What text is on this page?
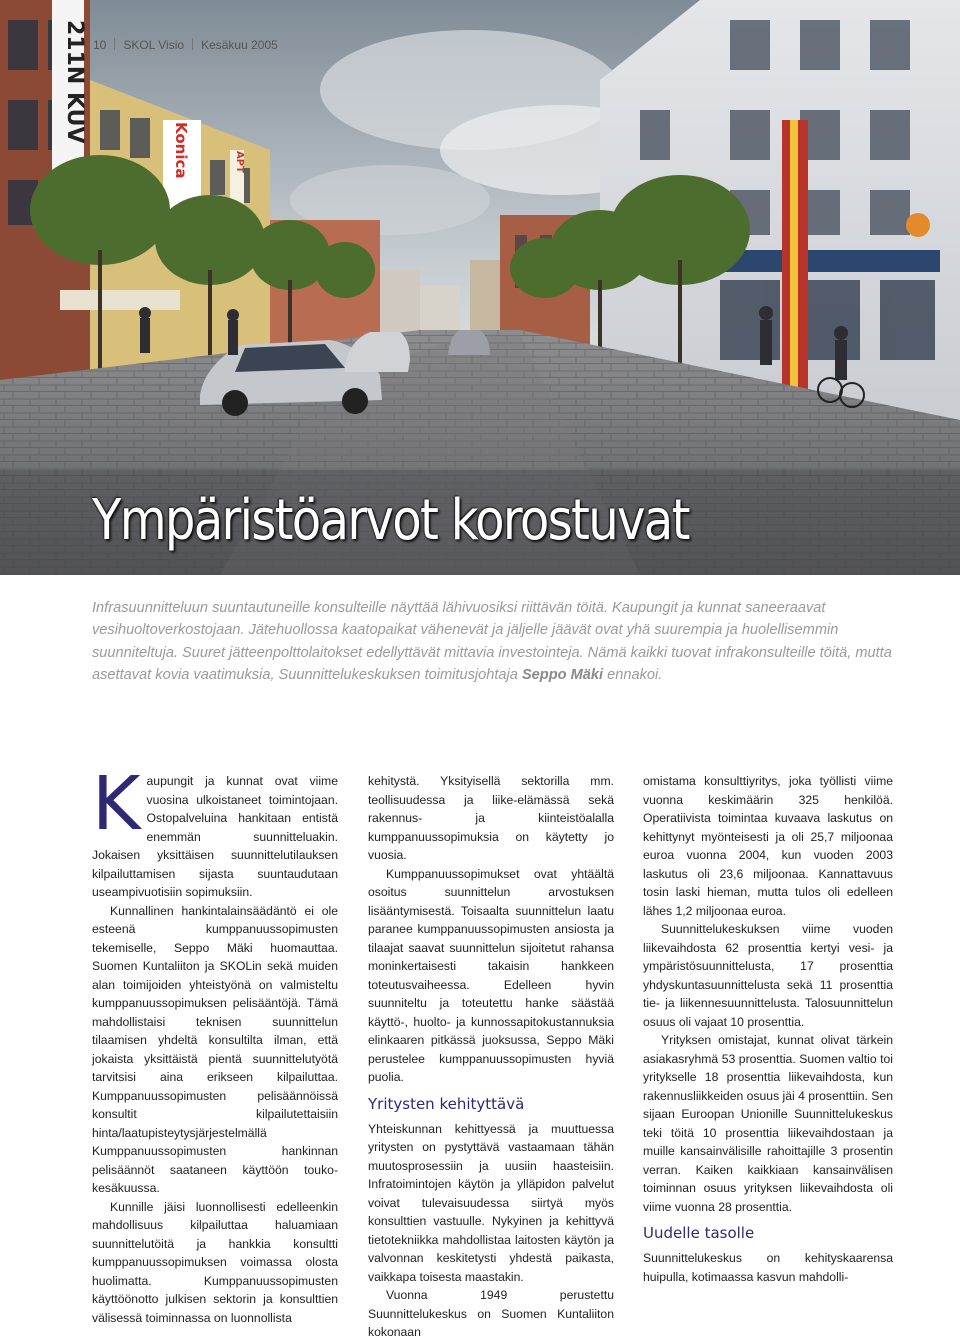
211N KUV
Konica	APT
10 SKOL Visio Kesäkuu 2005
Ympäristöarvot korostuvat

Infrasuunnitteluun suuntautuneille konsulteille näyttää lähivuosiksi riittävän töitä. Kaupungit ja kunnat saneeraavat vesihuoltoverkostojaan. Jätehuollossa kaatopaikat vähenevät ja jäljelle jäävät ovat yhä suurempia ja huolellisemmin suunniteltuja. Suuret jätteenpolttolaitokset edellyttävät mittavia investointeja. Nämä kaikki tuovat infrakonsulteille töitä, mutta asettavat kovia vaatimuksia, Suunnittelukeskuksen toimitusjohtaja Seppo Mäki ennakoi.

K aupungit ja kunnat ovat viime vuosina ulkoistaneet toimintojaan. Ostopalveluina hankitaan entistä enemmän suunnitteluakin. Jokaisen yksittäisen suunnittelutilauksen kilpailuttamisen sijasta suuntaudutaan useampivuotisiin sopimuksiin.

Kunnallinen hankintalainsäädäntö ei ole esteenä kumppanuussopimusten tekemiselle, Seppo Mäki huomauttaa. Suomen Kuntaliiton ja SKOLin sekä muiden alan toimijoiden yhteistyönä on valmisteltu kumppanuussopimuksen pelisääntöjä. Tämä mahdollistaisi teknisen suunnittelun tilaamisen yhdeltä konsultilta ilman, että jokaista yksittäistä pientä suunnittelutyötä tarvitsisi aina erikseen kilpailuttaa. Kumppanuussopimusten pelisäännöissä konsultit kilpailutettaisiin hinta/laatupisteytysjärjestelmällä Kumppanuussopimusten hankinnan pelisäännöt saataneen käyttöön touko-kesäkuussa.

Kunnille jäisi luonnollisesti edelleenkin mahdollisuus kilpailuttaa haluamiaan suunnittelutöitä ja hankkia konsultti kumppanuussopimuksen voimassa olosta huolimatta. Kumppanuussopimusten käyttöönotto julkisen sektorin ja konsulttien välisessä toiminnassa on luonnollista

kehitystä. Yksityisellä sektorilla mm. teollisuudessa ja liike-elämässä sekä rakennus- ja kiinteistöalalla kumppanuussopimuksia on käytetty jo vuosia.

Kumppanuussopimukset ovat yhtäältä osoitus suunnittelun arvostuksen lisääntymisestä. Toisaalta suunnittelun laatu paranee kumppanuussopimusten ansiosta ja tilaajat saavat suunnittelun sijoitetut rahansa moninkertaisesti takaisin hankkeen toteutusvaiheessa. Edelleen hyvin suunniteltu ja toteutettu hanke säästää käyttö-, huolto- ja kunnossapitokustannuksia elinkaaren pitkässä juoksussa, Seppo Mäki perustelee kumppanuussopimusten hyviä puolia.

Yritysten kehityttävä

Yhteiskunnan kehittyessä ja muuttuessa yritysten on pystyttävä vastaamaan tähän muutosprosessiin ja uusiin haasteisiin. Infratoimintojen käytön ja ylläpidon palvelut voivat tulevaisuudessa siirtyä myös konsulttien vastuulle. Nykyinen ja kehittyvä tietotekniikka mahdollistaa laitosten käytön ja valvonnan keskitetysti yhdestä paikasta, vaikkapa toisesta maastakin.

Vuonna 1949 perustettu Suunnittelukeskus on Suomen Kuntaliiton kokonaan

omistama konsulttiyritys, joka työllisti viime vuonna keskimäärin 325 henkilöä. Operatiivista toimintaa kuvaava laskutus on kehittynyt myönteisesti ja oli 25,7 miljoonaa euroa vuonna 2004, kun vuoden 2003 laskutus oli 23,6 miljoonaa. Kannattavuus tosin laski hieman, mutta tulos oli edelleen lähes 1,2 miljoonaa euroa.

Suunnittelukeskuksen viime vuoden liikevaihdosta 62 prosenttia kertyi vesi- ja ympäristösuunnittelusta, 17 prosenttia yhdyskuntasuunnittelusta sekä 11 prosenttia tie- ja liikennesuunnittelusta. Talosuunnittelun osuus oli vajaat 10 prosenttia.

Yrityksen omistajat, kunnat olivat tärkein asiakasryhmä 53 prosenttia. Suomen valtio toi yritykselle 18 prosenttia liikevaihdosta, kun rakennusliikkeiden osuus jäi 4 prosenttiin. Sen sijaan Euroopan Unionille Suunnittelukeskus teki töitä 10 prosenttia liikevaihdostaan ja muille kansainvälisille rahoittajille 3 prosentin verran. Kaiken kaikkiaan kansainvälisen toiminnan osuus yrityksen liikevaihdosta oli viime vuonna 28 prosenttia.

Uudelle tasolle

Suunnittelukeskus on kehityskaarensa huipulla, kotimaassa kasvun mahdolli-
